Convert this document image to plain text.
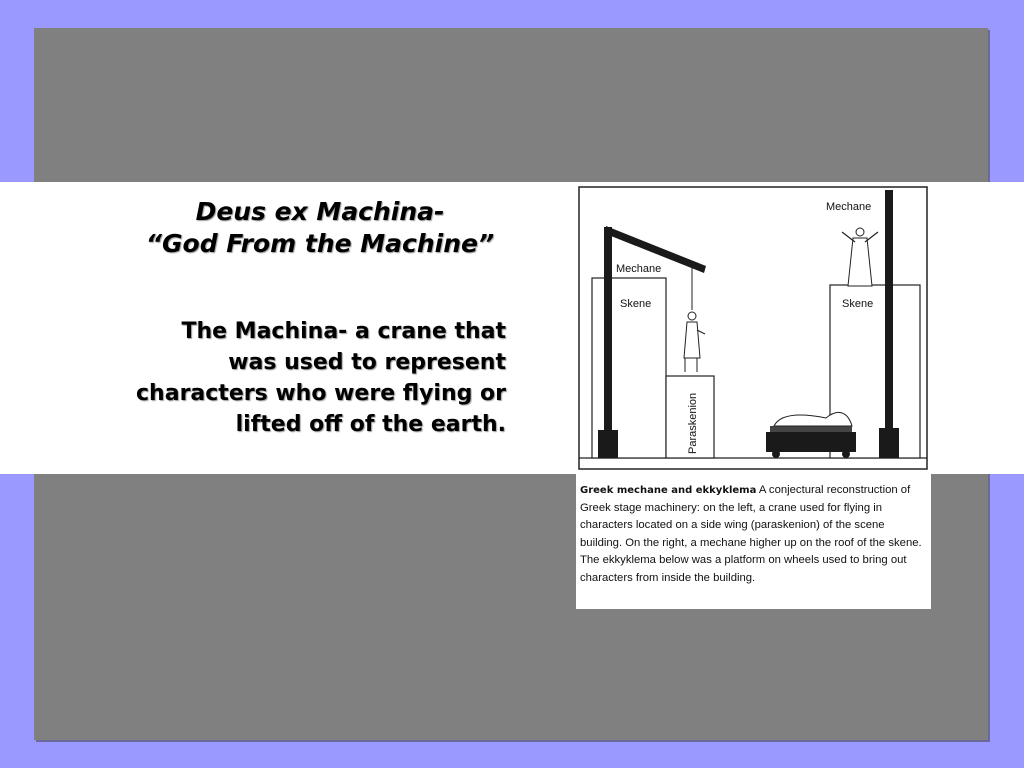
Deus ex Machina-
“God From the Machine”
The Machina- a crane that was used to represent characters who were flying or lifted off of the earth.
Mechane
Skene
Mechane
Skene
Paraskenion
Greek mechane and ekkyklema A conjectural reconstruction of Greek stage machinery: on the left, a crane used for flying in characters located on a side wing (paraskenion) of the scene building. On the right, a mechane higher up on the roof of the skene. The ekkyklema below was a platform on wheels used to bring out characters from inside the building.
